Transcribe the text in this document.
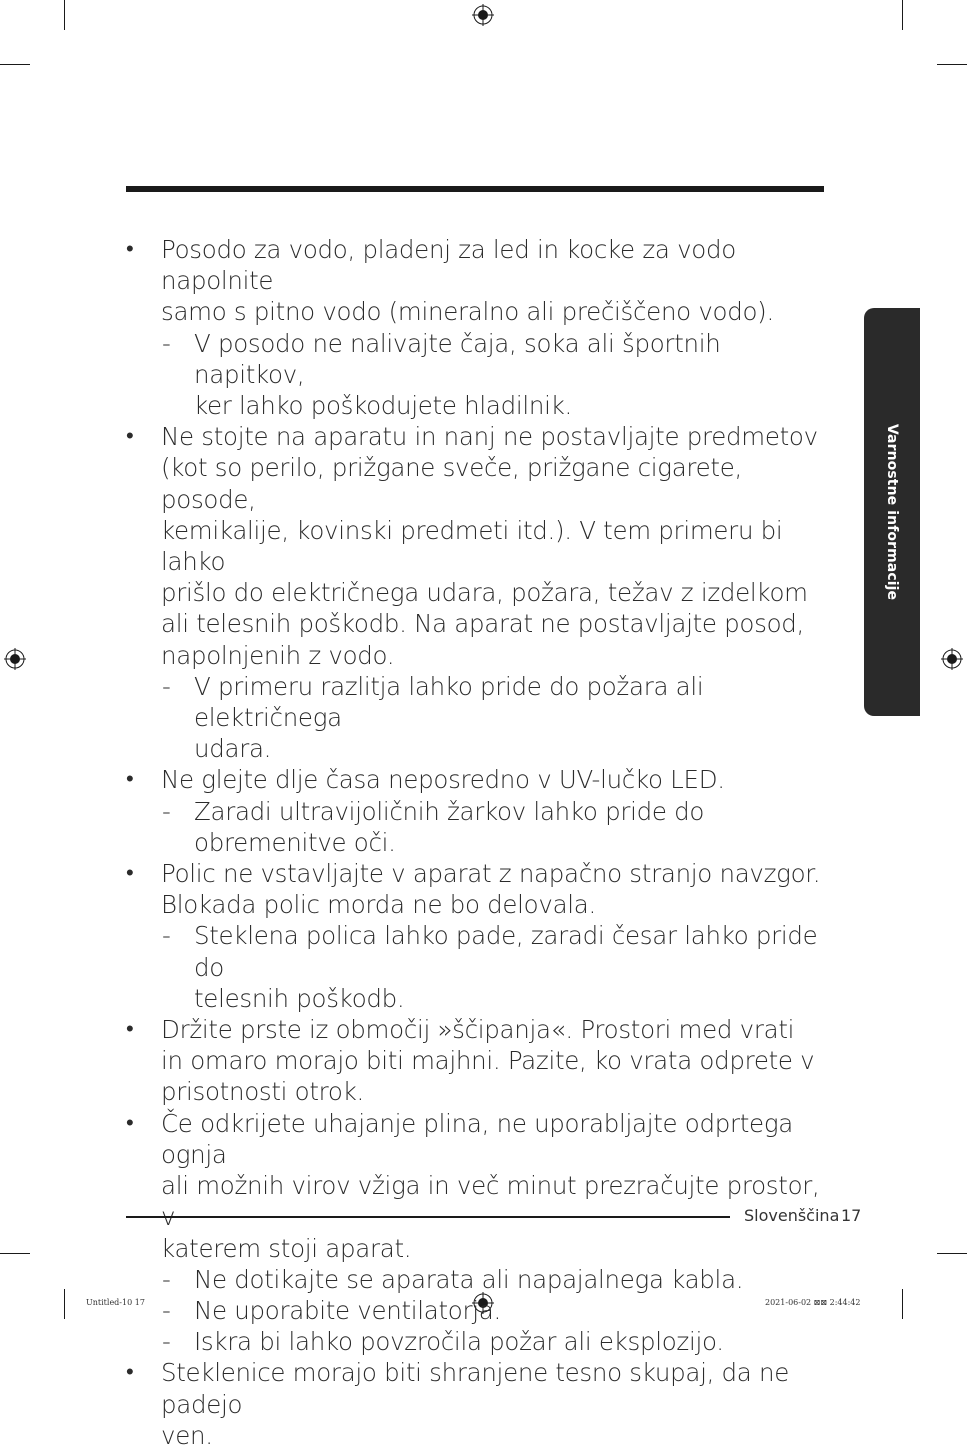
• Posodo za vodo, pladenj za led in kocke za vodo napolnite
samo s pitno vodo (mineralno ali prečiščeno vodo).
- V posodo ne nalivajte čaja, soka ali športnih napitkov,
ker lahko poškodujete hladilnik.
• Ne stojte na aparatu in nanj ne postavljajte predmetov
(kot so perilo, prižgane sveče, prižgane cigarete, posode,
kemikalije, kovinski predmeti itd.). V tem primeru bi lahko
prišlo do električnega udara, požara, težav z izdelkom
ali telesnih poškodb. Na aparat ne postavljajte posod,
napolnjenih z vodo.
- V primeru razlitja lahko pride do požara ali električnega
udara.
• Ne glejte dlje časa neposredno v UV-lučko LED.
- Zaradi ultravijoličnih žarkov lahko pride do
obremenitve oči.
• Polic ne vstavljajte v aparat z napačno stranjo navzgor.
Blokada polic morda ne bo delovala.
- Steklena polica lahko pade, zaradi česar lahko pride do
telesnih poškodb.
• Držite prste iz območij »ščipanja«. Prostori med vrati
in omaro morajo biti majhni. Pazite, ko vrata odprete v
prisotnosti otrok.
• Če odkrijete uhajanje plina, ne uporabljajte odprtega ognja
ali možnih virov vžiga in več minut prezračujte prostor,
katerem stoji aparat.
- Ne dotikajte se aparata ali napajalnega kabla.
- Ne uporabite ventilatorja.
- Iskra bi lahko povzročila požar ali eksplozijo.
• Steklenice morajo biti shranjene tesno skupaj, da ne padejo
ven.
Varnostne informacije
Slovenščina 17
Untitled-10 17	2021-06-02 ⊠⊠ 2:44:42
